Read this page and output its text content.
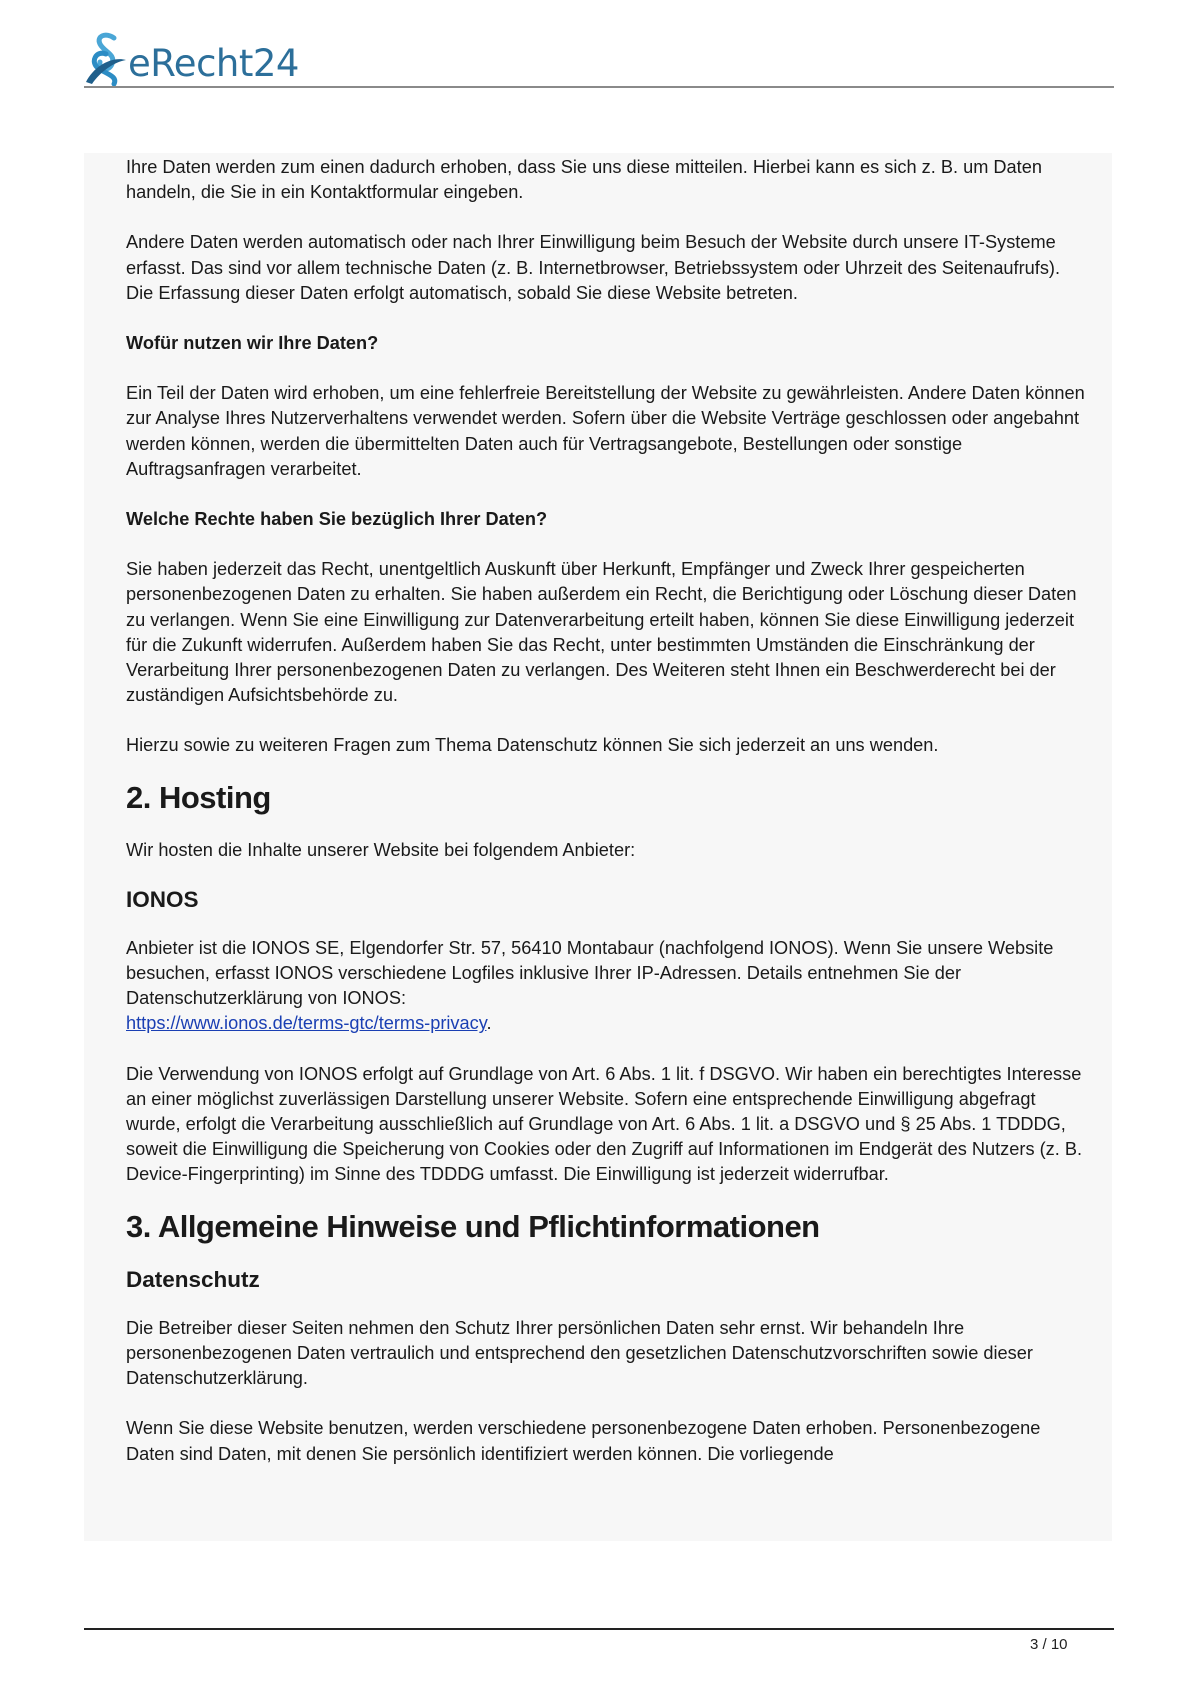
eRecht24

Ihre Daten werden zum einen dadurch erhoben, dass Sie uns diese mitteilen. Hierbei kann es sich z. B. um Daten handeln, die Sie in ein Kontaktformular eingeben.

Andere Daten werden automatisch oder nach Ihrer Einwilligung beim Besuch der Website durch unsere IT-Systeme erfasst. Das sind vor allem technische Daten (z. B. Internetbrowser, Betriebssystem oder Uhrzeit des Seitenaufrufs). Die Erfassung dieser Daten erfolgt automatisch, sobald Sie diese Website betreten.

Wofür nutzen wir Ihre Daten?

Ein Teil der Daten wird erhoben, um eine fehlerfreie Bereitstellung der Website zu gewährleisten. Andere Daten können zur Analyse Ihres Nutzerverhaltens verwendet werden. Sofern über die Website Verträge geschlossen oder angebahnt werden können, werden die übermittelten Daten auch für Vertragsangebote, Bestellungen oder sonstige Auftragsanfragen verarbeitet.

Welche Rechte haben Sie bezüglich Ihrer Daten?

Sie haben jederzeit das Recht, unentgeltlich Auskunft über Herkunft, Empfänger und Zweck Ihrer gespeicherten personenbezogenen Daten zu erhalten. Sie haben außerdem ein Recht, die Berichtigung oder Löschung dieser Daten zu verlangen. Wenn Sie eine Einwilligung zur Datenverarbeitung erteilt haben, können Sie diese Einwilligung jederzeit für die Zukunft widerrufen. Außerdem haben Sie das Recht, unter bestimmten Umständen die Einschränkung der Verarbeitung Ihrer personenbezogenen Daten zu verlangen. Des Weiteren steht Ihnen ein Beschwerderecht bei der zuständigen Aufsichtsbehörde zu.

Hierzu sowie zu weiteren Fragen zum Thema Datenschutz können Sie sich jederzeit an uns wenden.

2. Hosting

Wir hosten die Inhalte unserer Website bei folgendem Anbieter:

IONOS

Anbieter ist die IONOS SE, Elgendorfer Str. 57, 56410 Montabaur (nachfolgend IONOS). Wenn Sie unsere Website besuchen, erfasst IONOS verschiedene Logfiles inklusive Ihrer IP-Adressen. Details entnehmen Sie der Datenschutzerklärung von IONOS:
https://www.ionos.de/terms-gtc/terms-privacy.

Die Verwendung von IONOS erfolgt auf Grundlage von Art. 6 Abs. 1 lit. f DSGVO. Wir haben ein berechtigtes Interesse an einer möglichst zuverlässigen Darstellung unserer Website. Sofern eine entsprechende Einwilligung abgefragt wurde, erfolgt die Verarbeitung ausschließlich auf Grundlage von Art. 6 Abs. 1 lit. a DSGVO und § 25 Abs. 1 TDDDG, soweit die Einwilligung die Speicherung von Cookies oder den Zugriff auf Informationen im Endgerät des Nutzers (z. B. Device-Fingerprinting) im Sinne des TDDDG umfasst. Die Einwilligung ist jederzeit widerrufbar.

3. Allgemeine Hinweise und Pflichtinformationen

Datenschutz

Die Betreiber dieser Seiten nehmen den Schutz Ihrer persönlichen Daten sehr ernst. Wir behandeln Ihre personenbezogenen Daten vertraulich und entsprechend den gesetzlichen Datenschutzvorschriften sowie dieser Datenschutzerklärung.

Wenn Sie diese Website benutzen, werden verschiedene personenbezogene Daten erhoben. Personenbezogene Daten sind Daten, mit denen Sie persönlich identifiziert werden können. Die vorliegende

3 / 10
